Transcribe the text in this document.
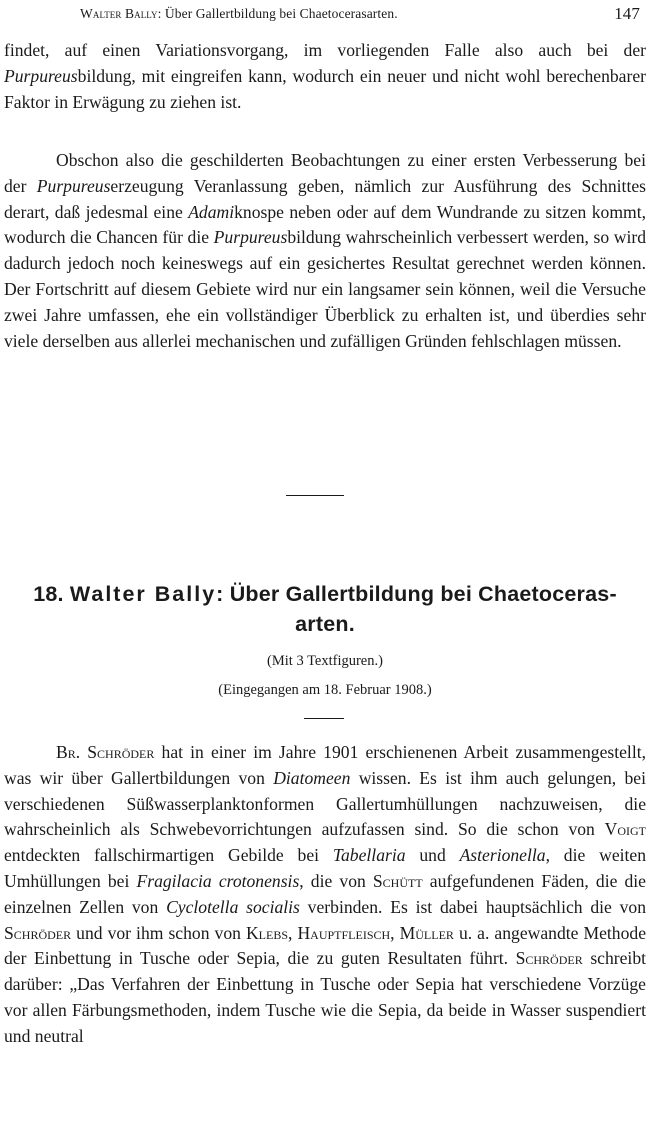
Walter Bally: Über Gallertbildung bei Chaetocerasarten.	147

findet, auf einen Variationsvorgang, im vorliegenden Falle also auch bei der Purpureusbildung, mit eingreifen kann, wodurch ein neuer und nicht wohl berechenbarer Faktor in Erwägung zu ziehen ist.

Obschon also die geschilderten Beobachtungen zu einer ersten Verbesserung bei der Purpureuserzeugung Veranlassung geben, nämlich zur Ausführung des Schnittes derart, daß jedesmal eine Adamiknospe neben oder auf dem Wundrande zu sitzen kommt, wodurch die Chancen für die Purpureusbildung wahrscheinlich verbessert werden, so wird dadurch jedoch noch keineswegs auf ein gesichertes Resultat gerechnet werden können. Der Fortschritt auf diesem Gebiete wird nur ein langsamer sein können, weil die Versuche zwei Jahre umfassen, ehe ein vollständiger Überblick zu erhalten ist, und überdies sehr viele derselben aus allerlei mechanischen und zufälligen Gründen fehlschlagen müssen.

18. Walter Bally: Über Gallertbildung bei Chaetoceras-
arten.
(Mit 3 Textfiguren.)
(Eingegangen am 18. Februar 1908.)

Br. Schröder hat in einer im Jahre 1901 erschienenen Arbeit zusammengestellt, was wir über Gallertbildungen von Diatomeen wissen. Es ist ihm auch gelungen, bei verschiedenen Süßwasserplanktonformen Gallertumhüllungen nachzuweisen, die wahrscheinlich als Schwebevorrichtungen aufzufassen sind. So die schon von Voigt entdeckten fallschirmartigen Gebilde bei Tabellaria und Asterionella, die weiten Umhüllungen bei Fragilacia crotonensis, die von Schütt aufgefundenen Fäden, die die einzelnen Zellen von Cyclotella socialis verbinden. Es ist dabei hauptsächlich die von Schröder und vor ihm schon von Klebs, Hauptfleisch, Müller u. a. angewandte Methode der Einbettung in Tusche oder Sepia, die zu guten Resultaten führt. Schröder schreibt darüber: „Das Verfahren der Einbettung in Tusche oder Sepia hat verschiedene Vorzüge vor allen Färbungsmethoden, indem Tusche wie die Sepia, da beide in Wasser suspendiert und neutral
